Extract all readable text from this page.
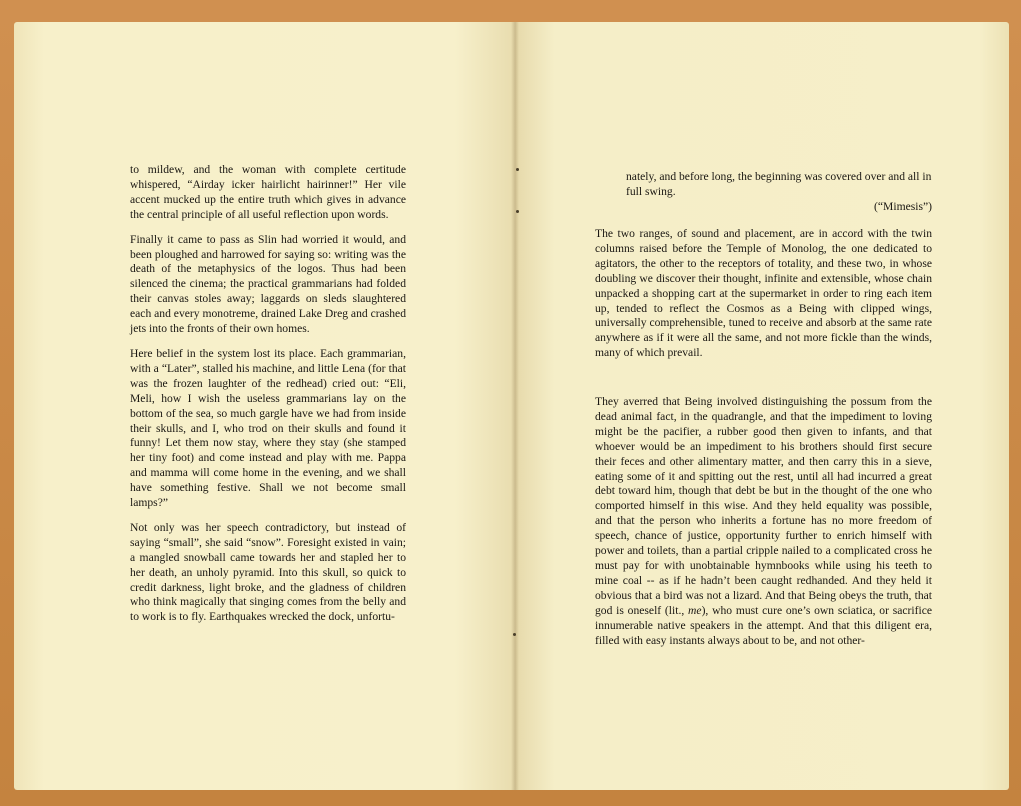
to mildew, and the woman with complete certitude whispered, “Airday icker hairlicht hairinner!” Her vile accent mucked up the entire truth which gives in advance the central principle of all useful reflection upon words.

Finally it came to pass as Slin had worried it would, and been ploughed and harrowed for saying so: writing was the death of the metaphysics of the logos. Thus had been silenced the cinema; the practical grammarians had folded their canvas stoles away; laggards on sleds slaughtered each and every monotreme, drained Lake Dreg and crashed jets into the fronts of their own homes.

Here belief in the system lost its place. Each grammarian, with a “Later”, stalled his machine, and little Lena (for that was the frozen laughter of the redhead) cried out: “Eli, Meli, how I wish the useless grammarians lay on the bottom of the sea, so much gargle have we had from inside their skulls, and I, who trod on their skulls and found it funny! Let them now stay, where they stay (she stamped her tiny foot) and come instead and play with me. Pappa and mamma will come home in the evening, and we shall have something festive. Shall we not become small lamps?”

Not only was her speech contradictory, but instead of saying “small”, she said “snow”. Foresight existed in vain; a mangled snowball came towards her and stapled her to her death, an unholy pyramid. Into this skull, so quick to credit darkness, light broke, and the gladness of children who think magically that singing comes from the belly and to work is to fly. Earthquakes wrecked the dock, unfortu-

nately, and before long, the beginning was covered over and all in full swing.

(“Mimesis”)

The two ranges, of sound and placement, are in accord with the twin columns raised before the Temple of Monolog, the one dedicated to agitators, the other to the receptors of totality, and these two, in whose doubling we discover their thought, infinite and extensible, whose chain unpacked a shopping cart at the supermarket in order to ring each item up, tended to reflect the Cosmos as a Being with clipped wings, universally comprehensible, tuned to receive and absorb at the same rate anywhere as if it were all the same, and not more fickle than the winds, many of which prevail.

They averred that Being involved distinguishing the possum from the dead animal fact, in the quadrangle, and that the impediment to loving might be the pacifier, a rubber good then given to infants, and that whoever would be an impediment to his brothers should first secure their feces and other alimentary matter, and then carry this in a sieve, eating some of it and spitting out the rest, until all had incurred a great debt toward him, though that debt be but in the thought of the one who comported himself in this wise. And they held equality was possible, and that the person who inherits a fortune has no more freedom of speech, chance of justice, opportunity further to enrich himself with power and toilets, than a partial cripple nailed to a complicated cross he must pay for with unobtainable hymnbooks while using his teeth to mine coal -- as if he hadn’t been caught redhanded. And they held it obvious that a bird was not a lizard. And that Being obeys the truth, that god is oneself (lit., me), who must cure one’s own sciatica, or sacrifice innumerable native speakers in the attempt. And that this diligent era, filled with easy instants always about to be, and not other-
